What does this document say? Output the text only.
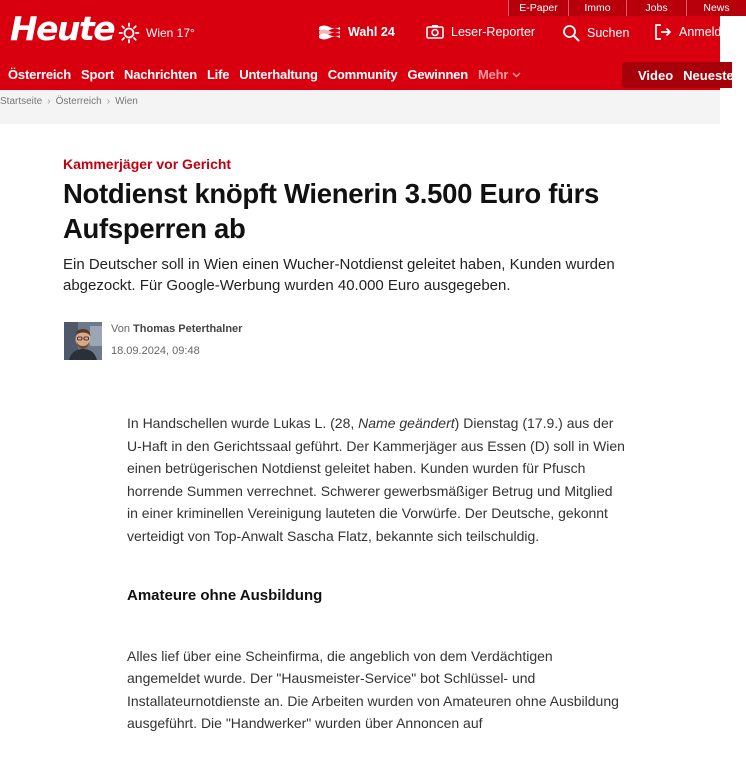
E-Paper	Immo	Jobs	News
Heute	Wien 17°	Wahl 24	Leser-Reporter	Suchen	Anmelden
Österreich Sport Nachrichten Life Unterhaltung Community Gewinnen Mehr	Video Neueste
Startseite › Österreich › Wien
Kammerjäger vor Gericht
Notdienst knöpft Wienerin 3.500 Euro fürs Aufsperren ab
Ein Deutscher soll in Wien einen Wucher-Notdienst geleitet haben, Kunden wurden abgezockt. Für Google-Werbung wurden 40.000 Euro ausgegeben.
Von Thomas Peterthalner
18.09.2024, 09:48

In Handschellen wurde Lukas L. (28, Name geändert) Dienstag (17.9.) aus der U-Haft in den Gerichtssaal geführt. Der Kammerjäger aus Essen (D) soll in Wien einen betrügerischen Notdienst geleitet haben. Kunden wurden für Pfusch horrende Summen verrechnet. Schwerer gewerbsmäßiger Betrug und Mitglied in einer kriminellen Vereinigung lauteten die Vorwürfe. Der Deutsche, gekonnt verteidigt von Top-Anwalt Sascha Flatz, bekannte sich teilschuldig.

Amateure ohne Ausbildung

Alles lief über eine Scheinfirma, die angeblich von dem Verdächtigen angemeldet wurde. Der "Hausmeister-Service" bot Schlüssel- und Installateurnotdienste an. Die Arbeiten wurden von Amateuren ohne Ausbildung ausgeführt. Die "Handwerker" wurden über Annoncen auf
